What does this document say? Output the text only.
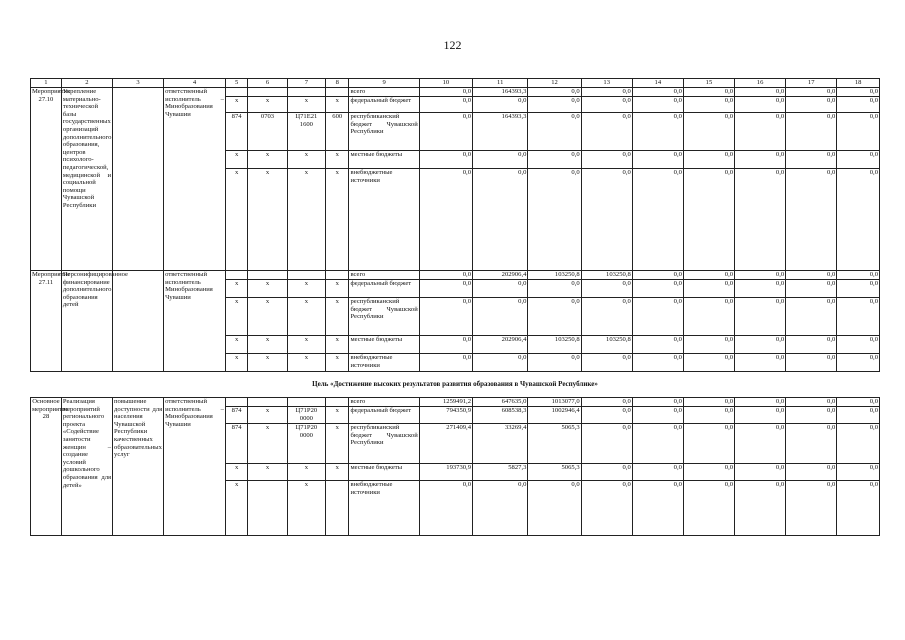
122
1	2	3	4	5	6	7	8	9	10	11	12	13	14	15	16	17	18
Мероприятие 27.10	Укрепление материально-технической базы государственных организаций дополнительного образования, центров психолого-педагогической, медицинской и социальной помощи Чувашской Республики		ответственный исполнитель – Минобразования Чувашии					всего	0,0	164393,3	0,0	0,0	0,0	0,0	0,0	0,0	0,0
				x	x	x	x	федеральный бюджет	0,0	0,0	0,0	0,0	0,0	0,0	0,0	0,0	0,0
				874	0703	Ц71Е21 1600	600	республиканский бюджет Чувашской Республики	0,0	164393,3	0,0	0,0	0,0	0,0	0,0	0,0	0,0
				x	x	x	x	местные бюджеты	0,0	0,0	0,0	0,0	0,0	0,0	0,0	0,0	0,0
				x	x	x	x	внебюджетные источники	0,0	0,0	0,0	0,0	0,0	0,0	0,0	0,0	0,0
Мероприятие 27.11	Персонифицированное финансирование дополнительного образования детей		ответственный исполнитель Минобразования Чувашии					всего	0,0	202906,4	103250,8	103250,8	0,0	0,0	0,0	0,0	0,0
				x	x	x	x	федеральный бюджет	0,0	0,0	0,0	0,0	0,0	0,0	0,0	0,0	0,0
				x	x	x	x	республиканский бюджет Чувашской Республики	0,0	0,0	0,0	0,0	0,0	0,0	0,0	0,0	0,0
				x	x	x	x	местные бюджеты	0,0	202906,4	103250,8	103250,8	0,0	0,0	0,0	0,0	0,0
				x	x	x	x	внебюджетные источники	0,0	0,0	0,0	0,0	0,0	0,0	0,0	0,0	0,0
Цель «Достижение высоких результатов развития образования в Чувашской Республике»																	
Основное мероприятие 28	Реализация мероприятий регионального проекта «Содействие занятости женщин – создание условий дошкольного образования для детей»	повышение доступности для населения Чувашской Республики качественных образовательных услуг	ответственный исполнитель – Минобразования Чувашии					всего	1259491,2	647635,0	1013077,0	0,0	0,0	0,0	0,0	0,0	0,0
				874	x	Ц71Р20 0000	x	федеральный бюджет	794350,9	608538,3	1002946,4	0,0	0,0	0,0	0,0	0,0	0,0
				874	x	Ц71Р20 0000	x	республиканский бюджет Чувашской Республики	271409,4	33269,4	5065,3	0,0	0,0	0,0	0,0	0,0	0,0
				x	x	x	x	местные бюджеты	193730,9	5827,3	5065,3	0,0	0,0	0,0	0,0	0,0	0,0
				x		x		внебюджетные источники	0,0	0,0	0,0	0,0	0,0	0,0	0,0	0,0	0,0
